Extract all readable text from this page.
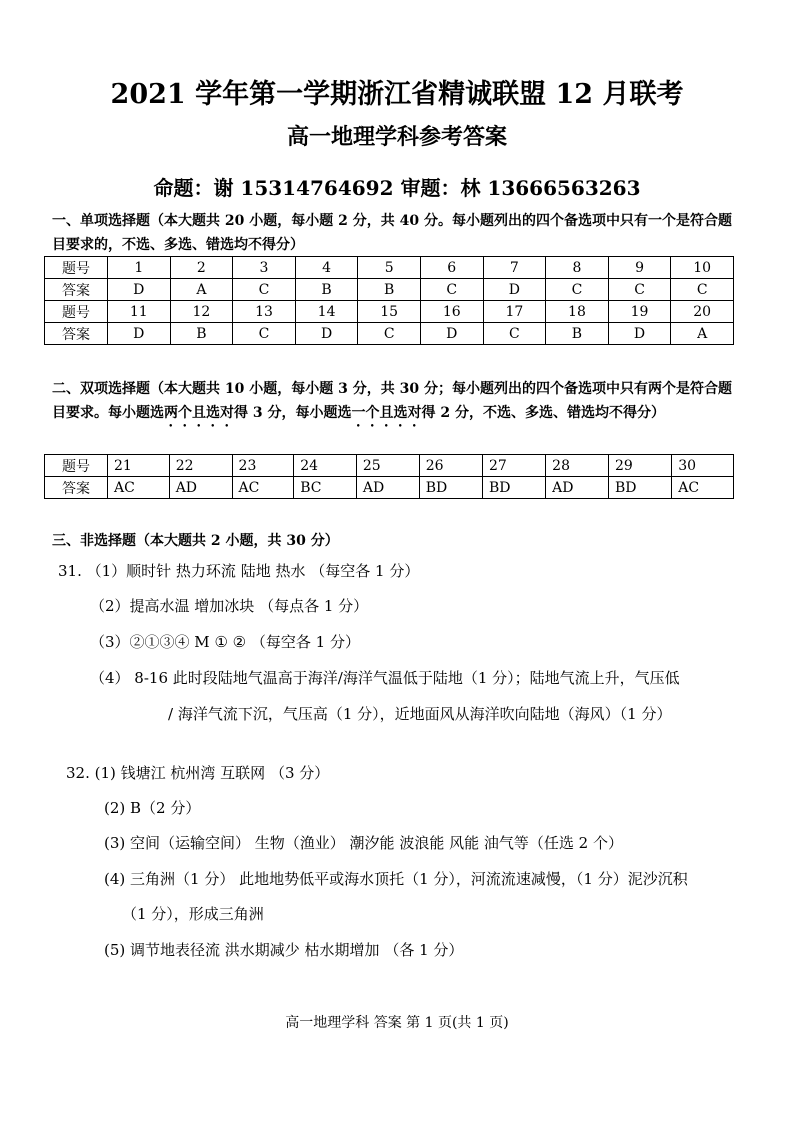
2021 学年第一学期浙江省精诚联盟 12 月联考
高一地理学科参考答案
命题：谢 15314764692 审题：林 13666563263
一、单项选择题（本大题共 20 小题，每小题 2 分，共 40 分。每小题列出的四个备选项中只有一个是符合题目要求的，不选、多选、错选均不得分）
题号	1	2	3	4	5	6	7	8	9	10
答案	D	A	C	B	B	C	D	C	C	C
题号	11	12	13	14	15	16	17	18	19	20
答案	D	B	C	D	C	D	C	B	D	A
二、双项选择题（本大题共 10 小题，每小题 3 分，共 30 分；每小题列出的四个备选项中只有两个是符合题目要求。每小题选两个且选对得 3 分，每小题选一个且选对得 2 分，不选、多选、错选均不得分）
题号	21	22	23	24	25	26	27	28	29	30
答案	AC	AD	AC	BC	AD	BD	BD	AD	BD	AC
三、非选择题（本大题共 2 小题，共 30 分）
31. （1）顺时针 热力环流 陆地 热水 （每空各 1 分）
（2）提高水温 增加冰块 （每点各 1 分）
（3）②①③④ M ① ② （每空各 1 分）
（4） 8-16 此时段陆地气温高于海洋/海洋气温低于陆地（1 分）；陆地气流上升，气压低
/ 海洋气流下沉，气压高（1 分），近地面风从海洋吹向陆地（海风）（1 分）
32. (1) 钱塘江 杭州湾 互联网 （3 分）
(2) B（2 分）
(3) 空间（运输空间） 生物（渔业） 潮汐能 波浪能 风能 油气等（任选 2 个）
(4) 三角洲（1 分） 此地地势低平或海水顶托（1 分），河流流速减慢，（1 分）泥沙沉积
（1 分），形成三角洲
(5) 调节地表径流 洪水期减少 枯水期增加 （各 1 分）
高一地理学科 答案 第 1 页(共 1 页)
